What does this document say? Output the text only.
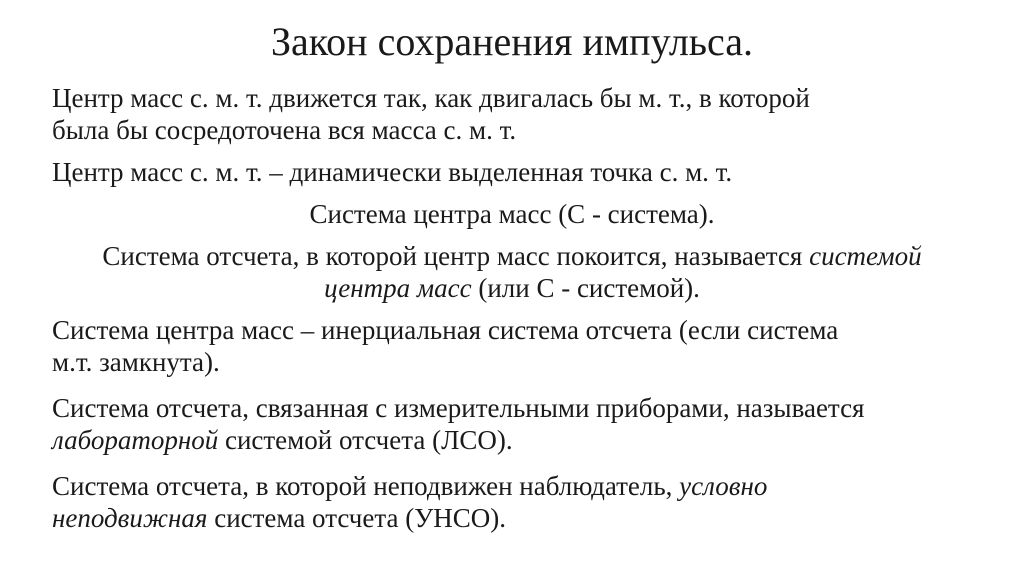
Закон сохранения импульса.

Центр масс с. м. т. движется так, как двигалась бы м. т., в которой
была бы сосредоточена вся масса с. м. т.

Центр масс с. м. т. – динамически выделенная точка с. м. т.

Система центра масс (С - система).

Система отсчета, в которой центр масс покоится, называется системой
центра масс (или С - системой).

Система центра масс – инерциальная система отсчета (если система
м.т. замкнута).

Система отсчета, связанная с измерительными приборами, называется
лабораторной системой отсчета (ЛСО).

Система отсчета, в которой неподвижен наблюдатель, условно
неподвижная система отсчета (УНСО).
